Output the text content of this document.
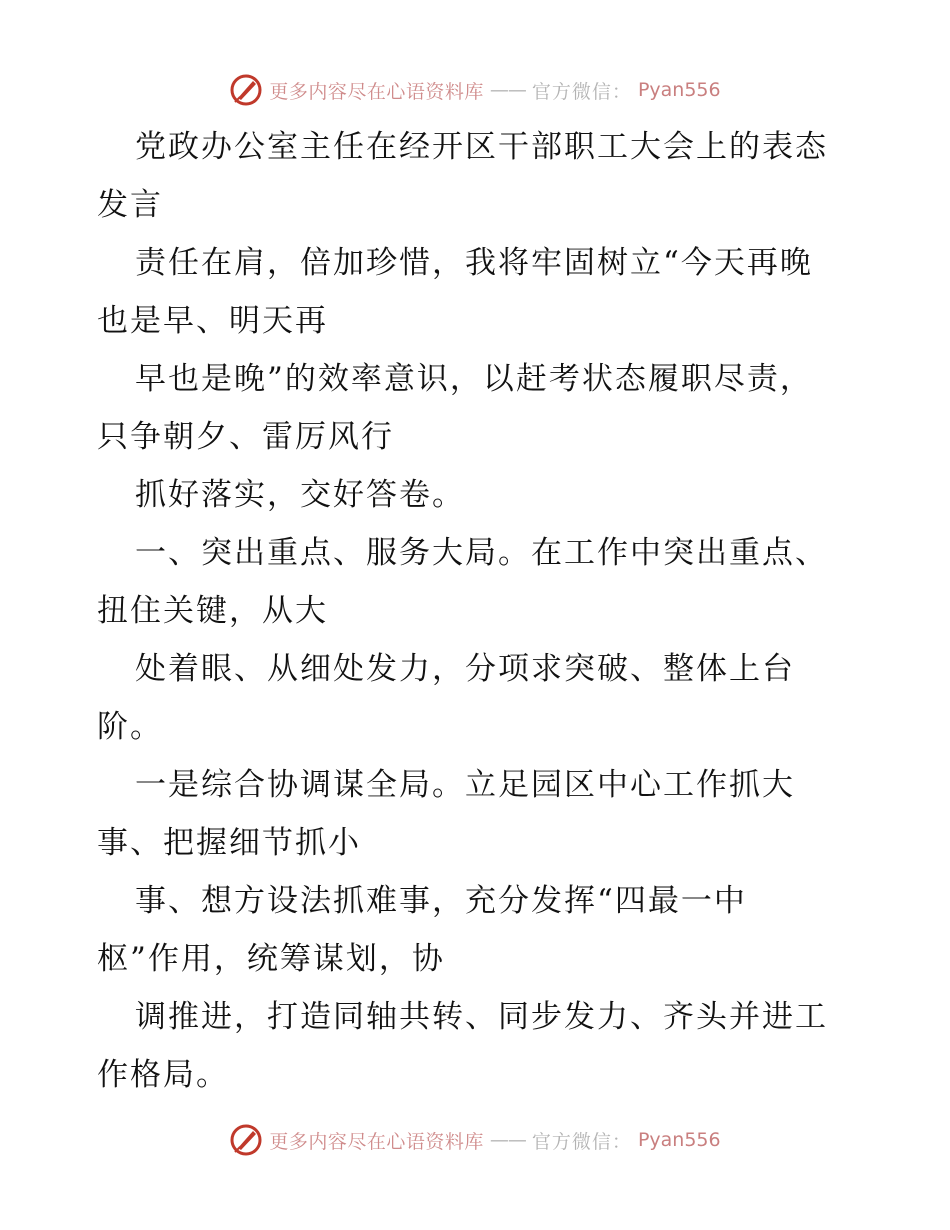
更多内容尽在心语资料库 —— 官方微信： Pyan556
党政办公室主任在经开区干部职工大会上的表态
发言
责任在肩，倍加珍惜，我将牢固树立“今天再晚
也是早、明天再
早也是晚”的效率意识，以赶考状态履职尽责，
只争朝夕、雷厉风行
抓好落实，交好答卷。
一、突出重点、服务大局。在工作中突出重点、
扭住关键，从大
处着眼、从细处发力，分项求突破、整体上台
阶。
一是综合协调谋全局。立足园区中心工作抓大
事、把握细节抓小
事、想方设法抓难事，充分发挥“四最一中
枢”作用，统筹谋划，协
调推进，打造同轴共转、同步发力、齐头并进工
作格局。
更多内容尽在心语资料库 —— 官方微信： Pyan556
